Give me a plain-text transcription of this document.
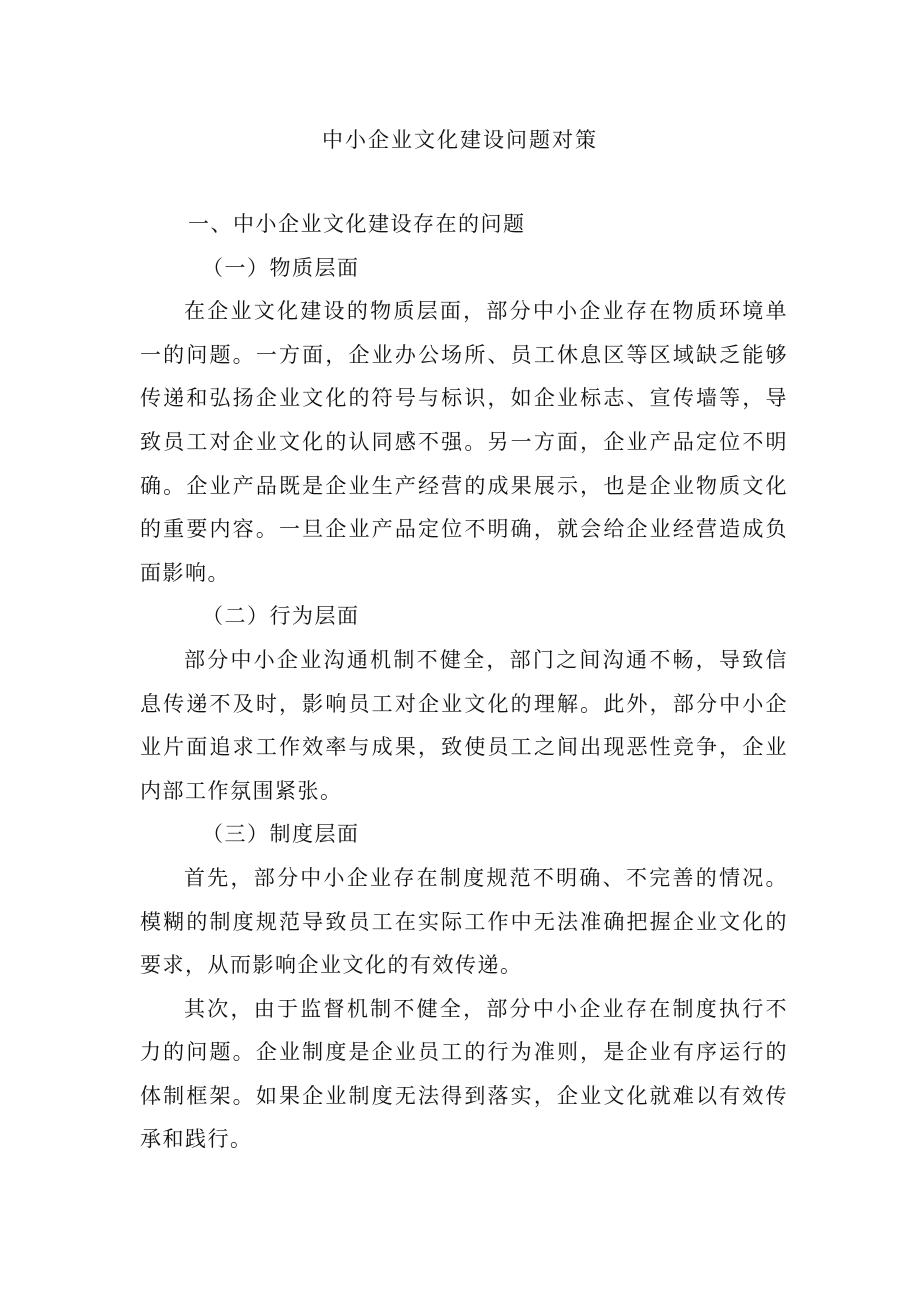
中小企业文化建设问题对策
一、中小企业文化建设存在的问题
（一）物质层面

在企业文化建设的物质层面，部分中小企业存在物质环境单一的问题。一方面，企业办公场所、员工休息区等区域缺乏能够传递和弘扬企业文化的符号与标识，如企业标志、宣传墙等，导致员工对企业文化的认同感不强。另一方面，企业产品定位不明确。企业产品既是企业生产经营的成果展示，也是企业物质文化的重要内容。一旦企业产品定位不明确，就会给企业经营造成负面影响。

（二）行为层面

部分中小企业沟通机制不健全，部门之间沟通不畅，导致信息传递不及时，影响员工对企业文化的理解。此外，部分中小企业片面追求工作效率与成果，致使员工之间出现恶性竞争，企业内部工作氛围紧张。

（三）制度层面

首先，部分中小企业存在制度规范不明确、不完善的情况。模糊的制度规范导致员工在实际工作中无法准确把握企业文化的要求，从而影响企业文化的有效传递。

其次，由于监督机制不健全，部分中小企业存在制度执行不力的问题。企业制度是企业员工的行为准则，是企业有序运行的体制框架。如果企业制度无法得到落实，企业文化就难以有效传承和践行。
